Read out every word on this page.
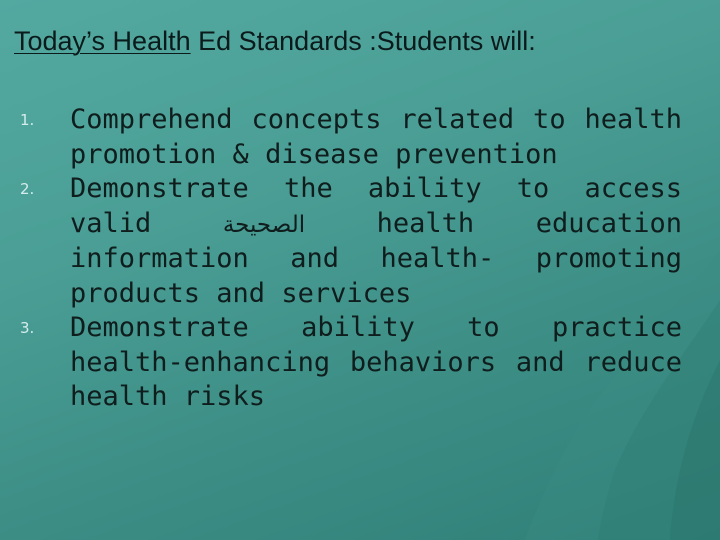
Today’s Health Ed Standards :Students will:
1.	Comprehend concepts related to health promotion & disease prevention
2.	Demonstrate the ability to access valid	الصحيحة	health education information and health- promoting products and services
3.	Demonstrate ability to practice health-enhancing behaviors and reduce health risks
